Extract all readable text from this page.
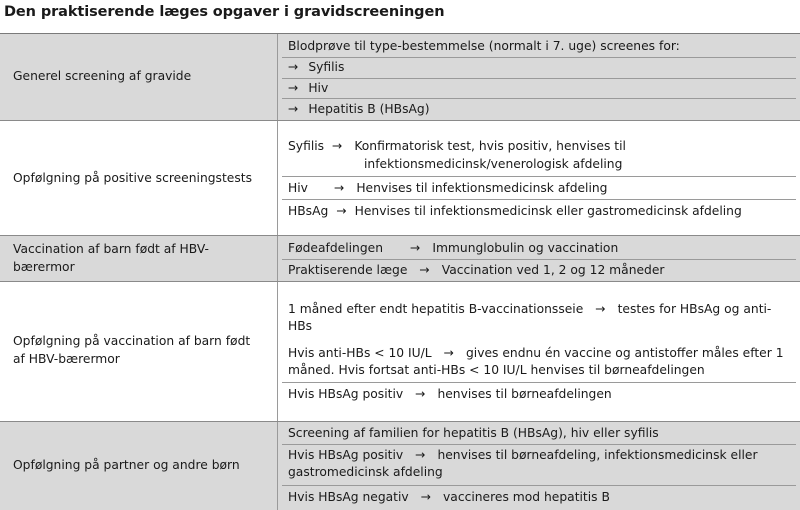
Den praktiserende læges opgaver i gravidscreeningen
Generel screening af gravide
Blodprøve til type-bestemmelse (normalt i 7. uge) screenes for:
→ Syfilis
→ Hiv
→ Hepatitis B (HBsAg)
Opfølgning på positive screeningstests
Syfilis → Konfirmatorisk test, hvis positiv, henvises til
infektionsmedicinsk/venerologisk afdeling
Hiv → Henvises til infektionsmedicinsk afdeling
HBsAg → Henvises til infektionsmedicinsk eller gastromedicinsk afdeling
Vaccination af barn født af HBV-bærermor
Fødeafdelingen → Immunglobulin og vaccination
Praktiserende læge → Vaccination ved 1, 2 og 12 måneder
Opfølgning på vaccination af barn født af HBV-bærermor
1 måned efter endt hepatitis B-vaccinationsseie → testes for HBsAg og anti-HBs
Hvis anti-HBs < 10 IU/L → gives endnu én vaccine og antistoffer måles efter 1 måned. Hvis fortsat anti-HBs < 10 IU/L henvises til børneafdelingen
Hvis HBsAg positiv → henvises til børneafdelingen
Opfølgning på partner og andre børn
Screening af familien for hepatitis B (HBsAg), hiv eller syfilis
Hvis HBsAg positiv → henvises til børneafdeling, infektionsmedicinsk eller gastromedicinsk afdeling
Hvis HBsAg negativ → vaccineres mod hepatitis B
